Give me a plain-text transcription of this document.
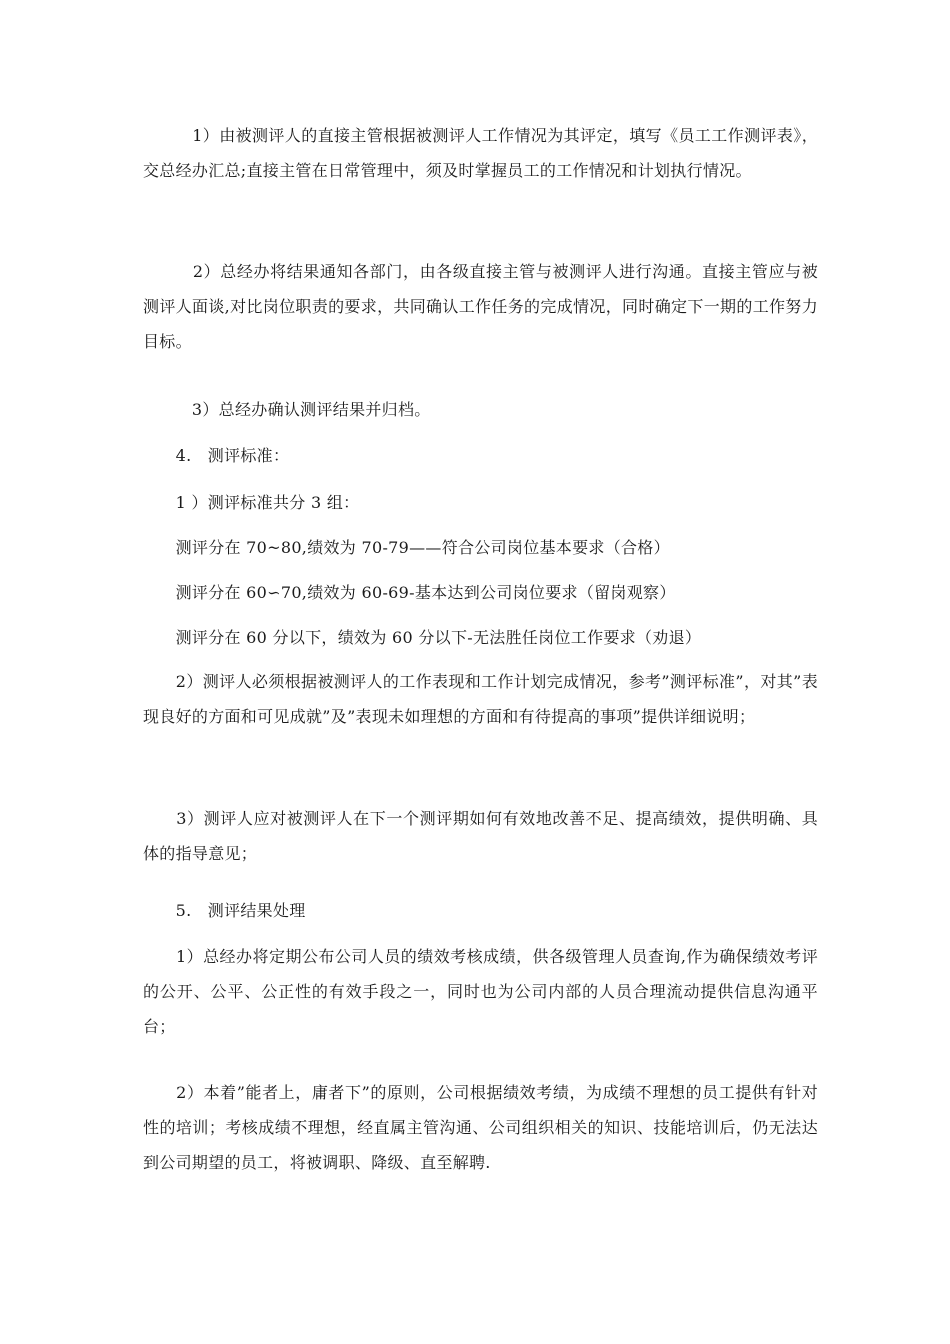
　　　1）由被测评人的直接主管根据被测评人工作情况为其评定，填写《员工工作测评表》，交总经办汇总;直接主管在日常管理中，须及时掌握员工的工作情况和计划执行情况。

　　　2）总经办将结果通知各部门，由各级直接主管与被测评人进行沟通。直接主管应与被测评人面谈,对比岗位职责的要求，共同确认工作任务的完成情况，同时确定下一期的工作努力目标。

　　　3）总经办确认测评结果并归档。

　　4.　测评标准：

　　1 ）测评标准共分 3 组：

　　测评分在 70~80,绩效为 70-79——符合公司岗位基本要求（合格）

　　测评分在 60∽70,绩效为 60-69-基本达到公司岗位要求（留岗观察）

　　测评分在 60 分以下，绩效为 60 分以下-无法胜任岗位工作要求（劝退）

　　2）测评人必须根据被测评人的工作表现和工作计划完成情况，参考”测评标准”，对其”表现良好的方面和可见成就”及”表现未如理想的方面和有待提高的事项”提供详细说明；

　　3）测评人应对被测评人在下一个测评期如何有效地改善不足、提高绩效，提供明确、具体的指导意见；

　　5.　测评结果处理

　　1）总经办将定期公布公司人员的绩效考核成绩，供各级管理人员查询,作为确保绩效考评的公开、公平、公正性的有效手段之一，同时也为公司内部的人员合理流动提供信息沟通平台；

　　2）本着”能者上，庸者下”的原则，公司根据绩效考绩，为成绩不理想的员工提供有针对性的培训；考核成绩不理想，经直属主管沟通、公司组织相关的知识、技能培训后，仍无法达到公司期望的员工，将被调职、降级、直至解聘.
